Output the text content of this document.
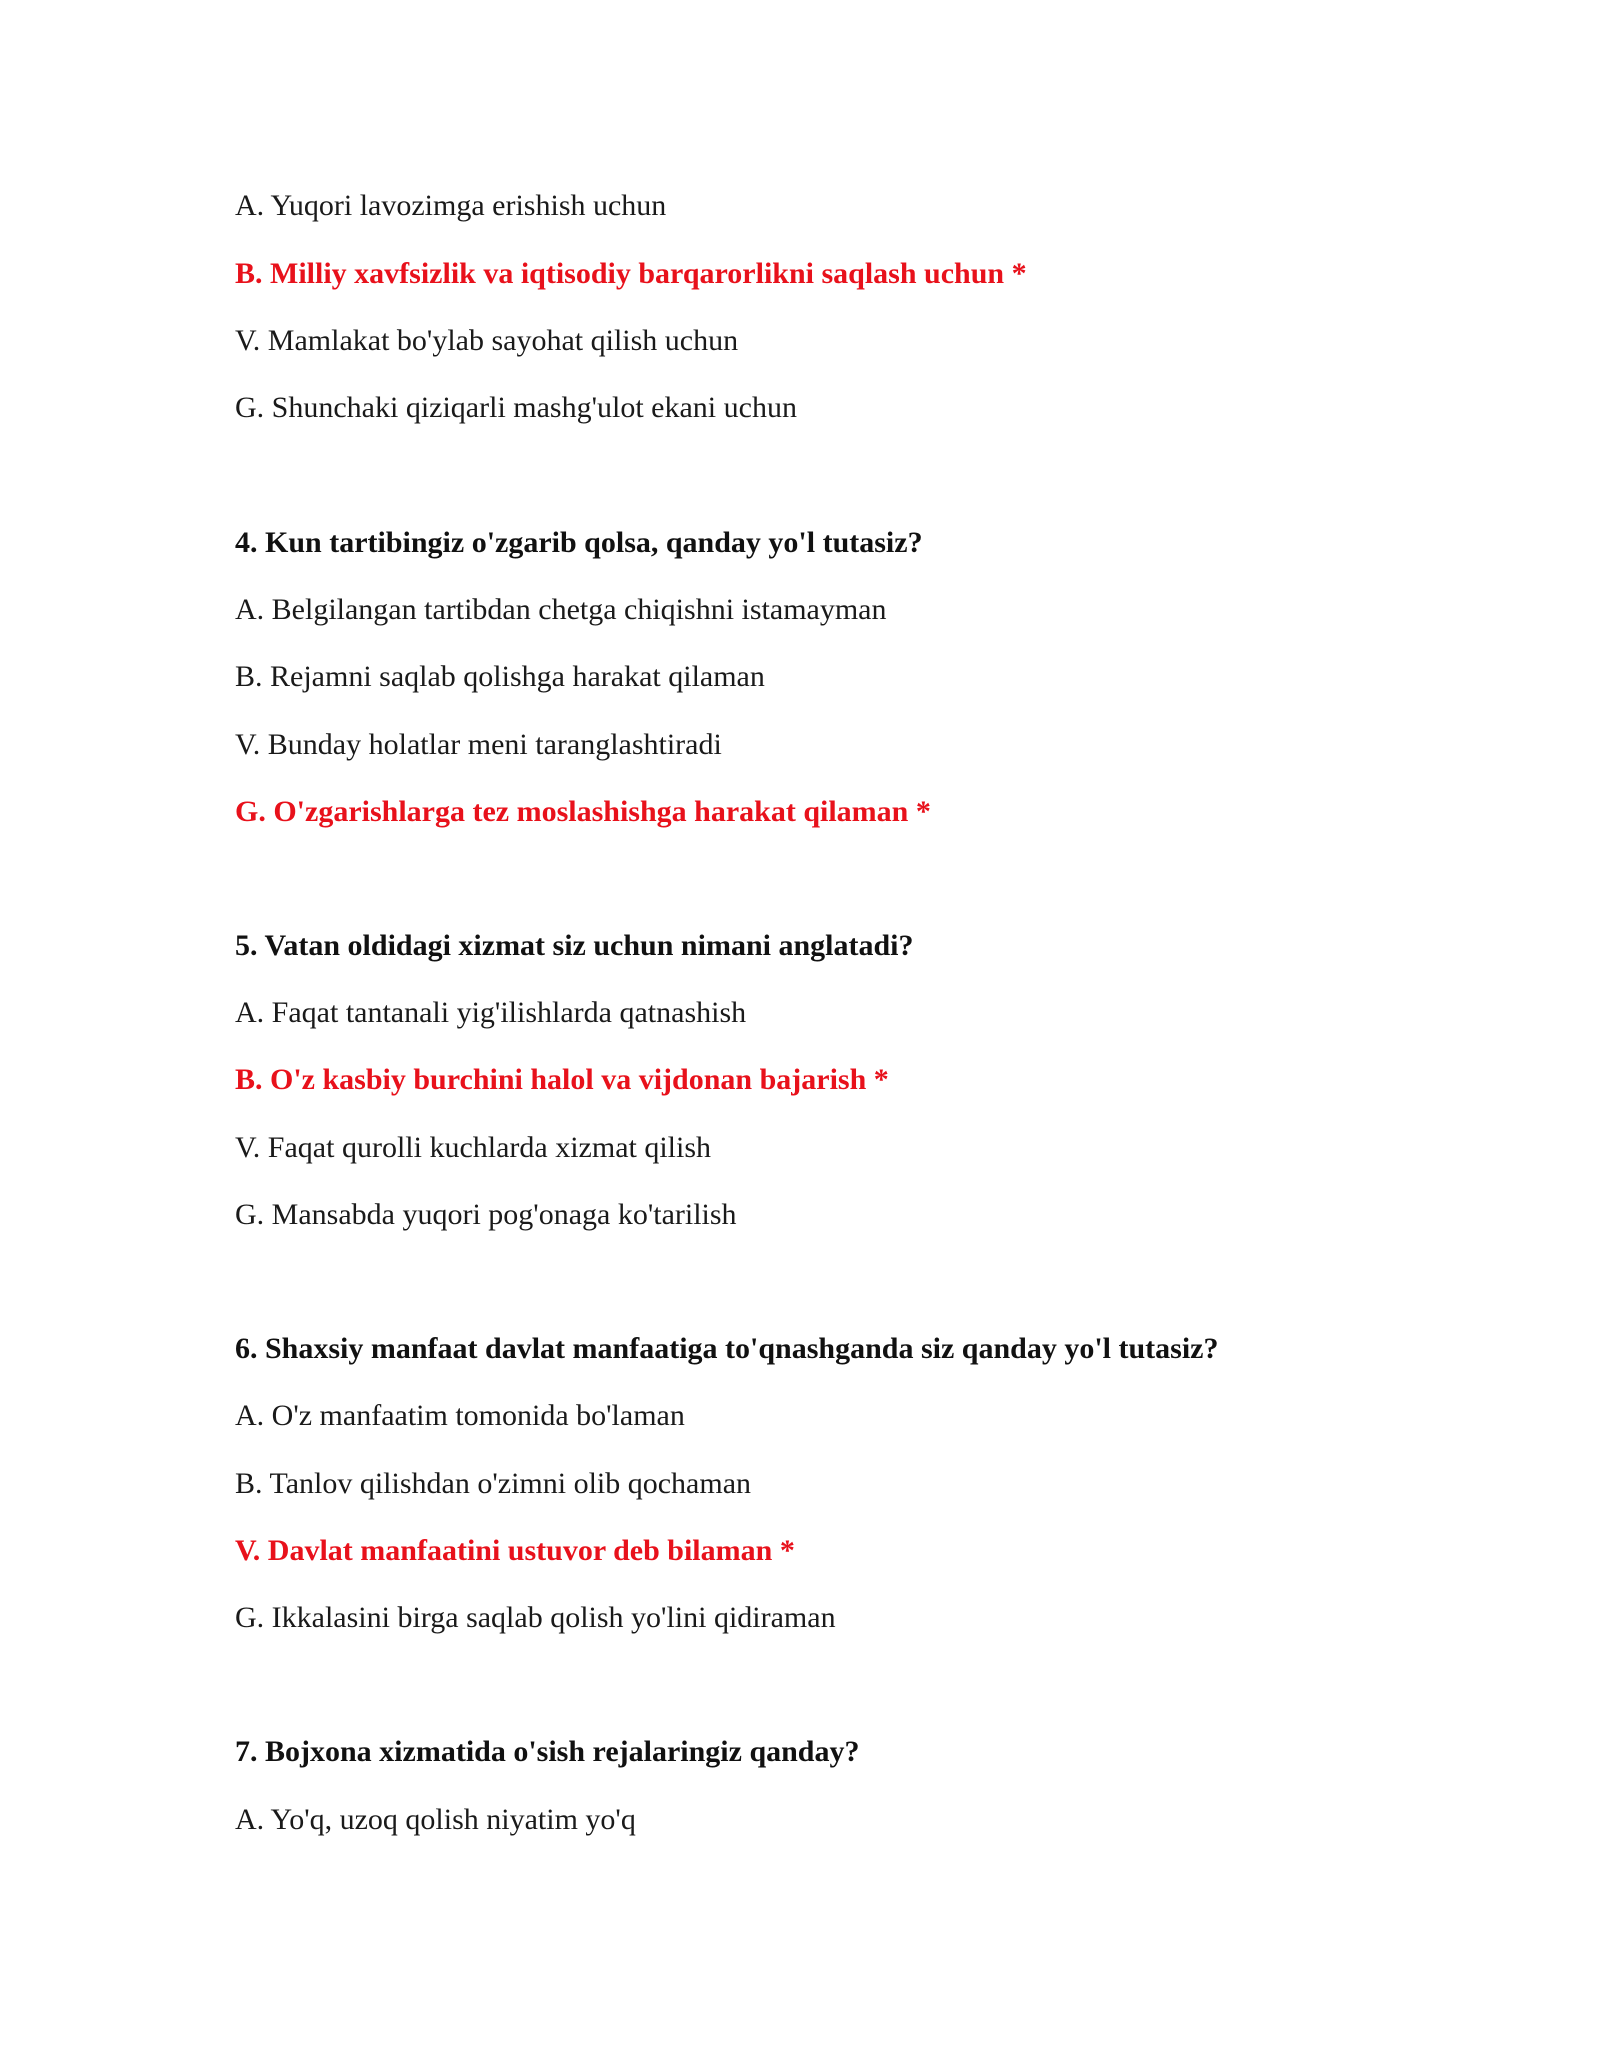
A. Yuqori lavozimga erishish uchun
B. Milliy xavfsizlik va iqtisodiy barqarorlikni saqlash uchun *
V. Mamlakat bo'ylab sayohat qilish uchun
G. Shunchaki qiziqarli mashg'ulot ekani uchun
4. Kun tartibingiz o'zgarib qolsa, qanday yo'l tutasiz?
A. Belgilangan tartibdan chetga chiqishni istamayman
B. Rejamni saqlab qolishga harakat qilaman
V. Bunday holatlar meni taranglashtiradi
G. O'zgarishlarga tez moslashishga harakat qilaman *
5. Vatan oldidagi xizmat siz uchun nimani anglatadi?
A. Faqat tantanali yig'ilishlarda qatnashish
B. O'z kasbiy burchini halol va vijdonan bajarish *
V. Faqat qurolli kuchlarda xizmat qilish
G. Mansabda yuqori pog'onaga ko'tarilish
6. Shaxsiy manfaat davlat manfaatiga to'qnashganda siz qanday yo'l tutasiz?
A. O'z manfaatim tomonida bo'laman
B. Tanlov qilishdan o'zimni olib qochaman
V. Davlat manfaatini ustuvor deb bilaman *
G. Ikkalasini birga saqlab qolish yo'lini qidiraman
7. Bojxona xizmatida o'sish rejalaringiz qanday?
A. Yo'q, uzoq qolish niyatim yo'q
